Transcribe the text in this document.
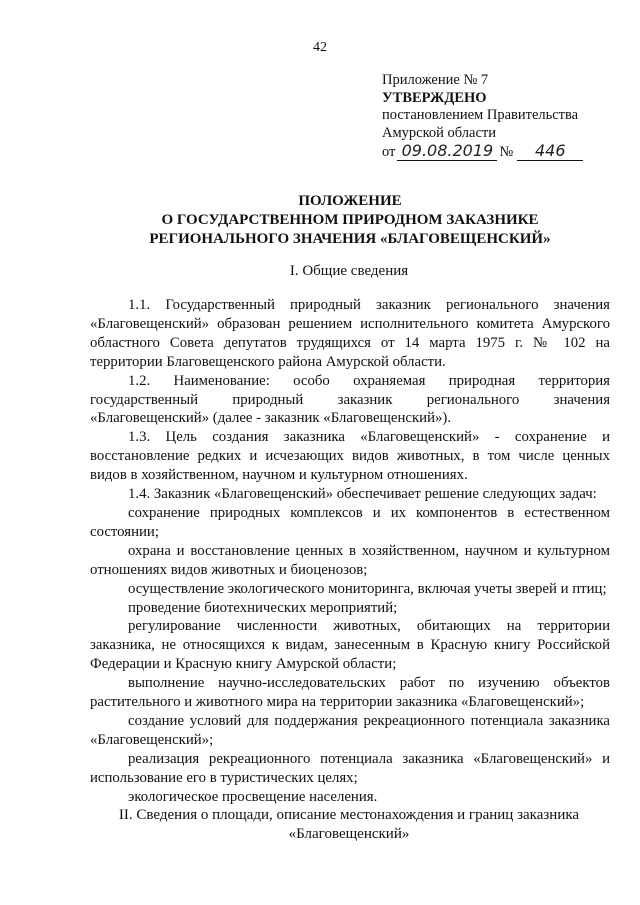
42
Приложение № 7
УТВЕРЖДЕНО
постановлением Правительства
Амурской области
от 09.08.2019 №	446
ПОЛОЖЕНИЕ
О ГОСУДАРСТВЕННОМ ПРИРОДНОМ ЗАКАЗНИКЕ
РЕГИОНАЛЬНОГО ЗНАЧЕНИЯ «БЛАГОВЕЩЕНСКИЙ»
I. Общие сведения

1.1. Государственный природный заказник регионального значения «Благовещенский» образован решением исполнительного комитета Амурского областного Совета депутатов трудящихся от 14 марта 1975 г. № 102 на территории Благовещенского района Амурской области.

1.2. Наименование: особо охраняемая природная территория государственный природный заказник регионального значения «Благовещенский» (далее - заказник «Благовещенский»).

1.3. Цель создания заказника «Благовещенский» - сохранение и восстановление редких и исчезающих видов животных, в том числе ценных видов в хозяйственном, научном и культурном отношениях.

1.4. Заказник «Благовещенский» обеспечивает решение следующих задач:

сохранение природных комплексов и их компонентов в естественном состоянии;

охрана и восстановление ценных в хозяйственном, научном и культурном отношениях видов животных и биоценозов;

осуществление экологического мониторинга, включая учеты зверей и птиц;

проведение биотехнических мероприятий;

регулирование численности животных, обитающих на территории заказника, не относящихся к видам, занесенным в Красную книгу Российской Федерации и Красную книгу Амурской области;

выполнение научно-исследовательских работ по изучению объектов растительного и животного мира на территории заказника «Благовещенский»;

создание условий для поддержания рекреационного потенциала заказника «Благовещенский»;

реализация рекреационного потенциала заказника «Благовещенский» и использование его в туристических целях;

экологическое просвещение населения.

II. Сведения о площади, описание местонахождения и границ заказника
«Благовещенский»
